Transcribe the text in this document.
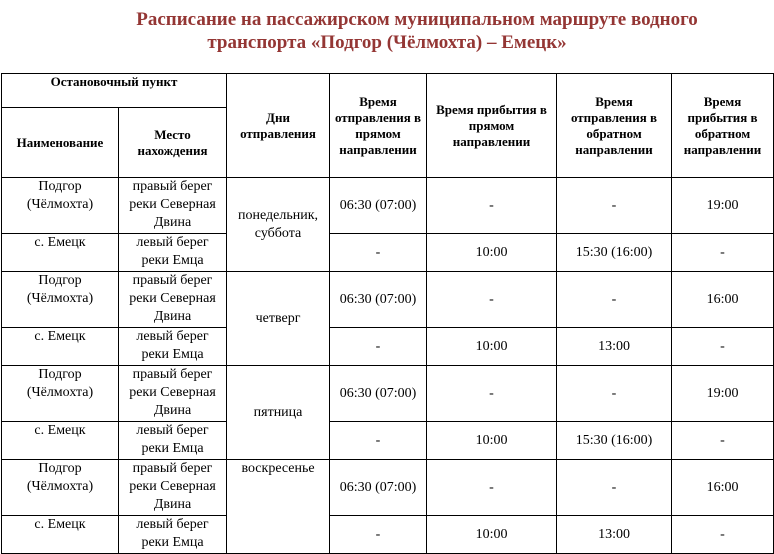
Расписание на пассажирском муниципальном маршруте водного
транспорта «Подгор (Чёлмохта) – Емецк»
Остановочный пункт		Дни отправления	Время отправления в прямом направлении	Время прибытия в прямом направлении	Время отправления в обратном направлении	Время прибытия в обратном направлении
Наименование	Место нахождения					
Подгор (Чёлмохта)	правый берег реки Северная Двина	понедельник, суббота	06:30 (07:00)	-	-	19:00
с. Емецк	левый берег реки Емца		-	10:00	15:30 (16:00)	-
Подгор (Чёлмохта)	правый берег реки Северная Двина	четверг	06:30 (07:00)	-	-	16:00
с. Емецк	левый берег реки Емца		-	10:00	13:00	-
Подгор (Чёлмохта)	правый берег реки Северная Двина	пятница	06:30 (07:00)	-	-	19:00
с. Емецк	левый берег реки Емца		-	10:00	15:30 (16:00)	-
Подгор (Чёлмохта)	правый берег реки Северная Двина	воскресенье	06:30 (07:00)	-	-	16:00
с. Емецк	левый берег реки Емца		-	10:00	13:00	-
